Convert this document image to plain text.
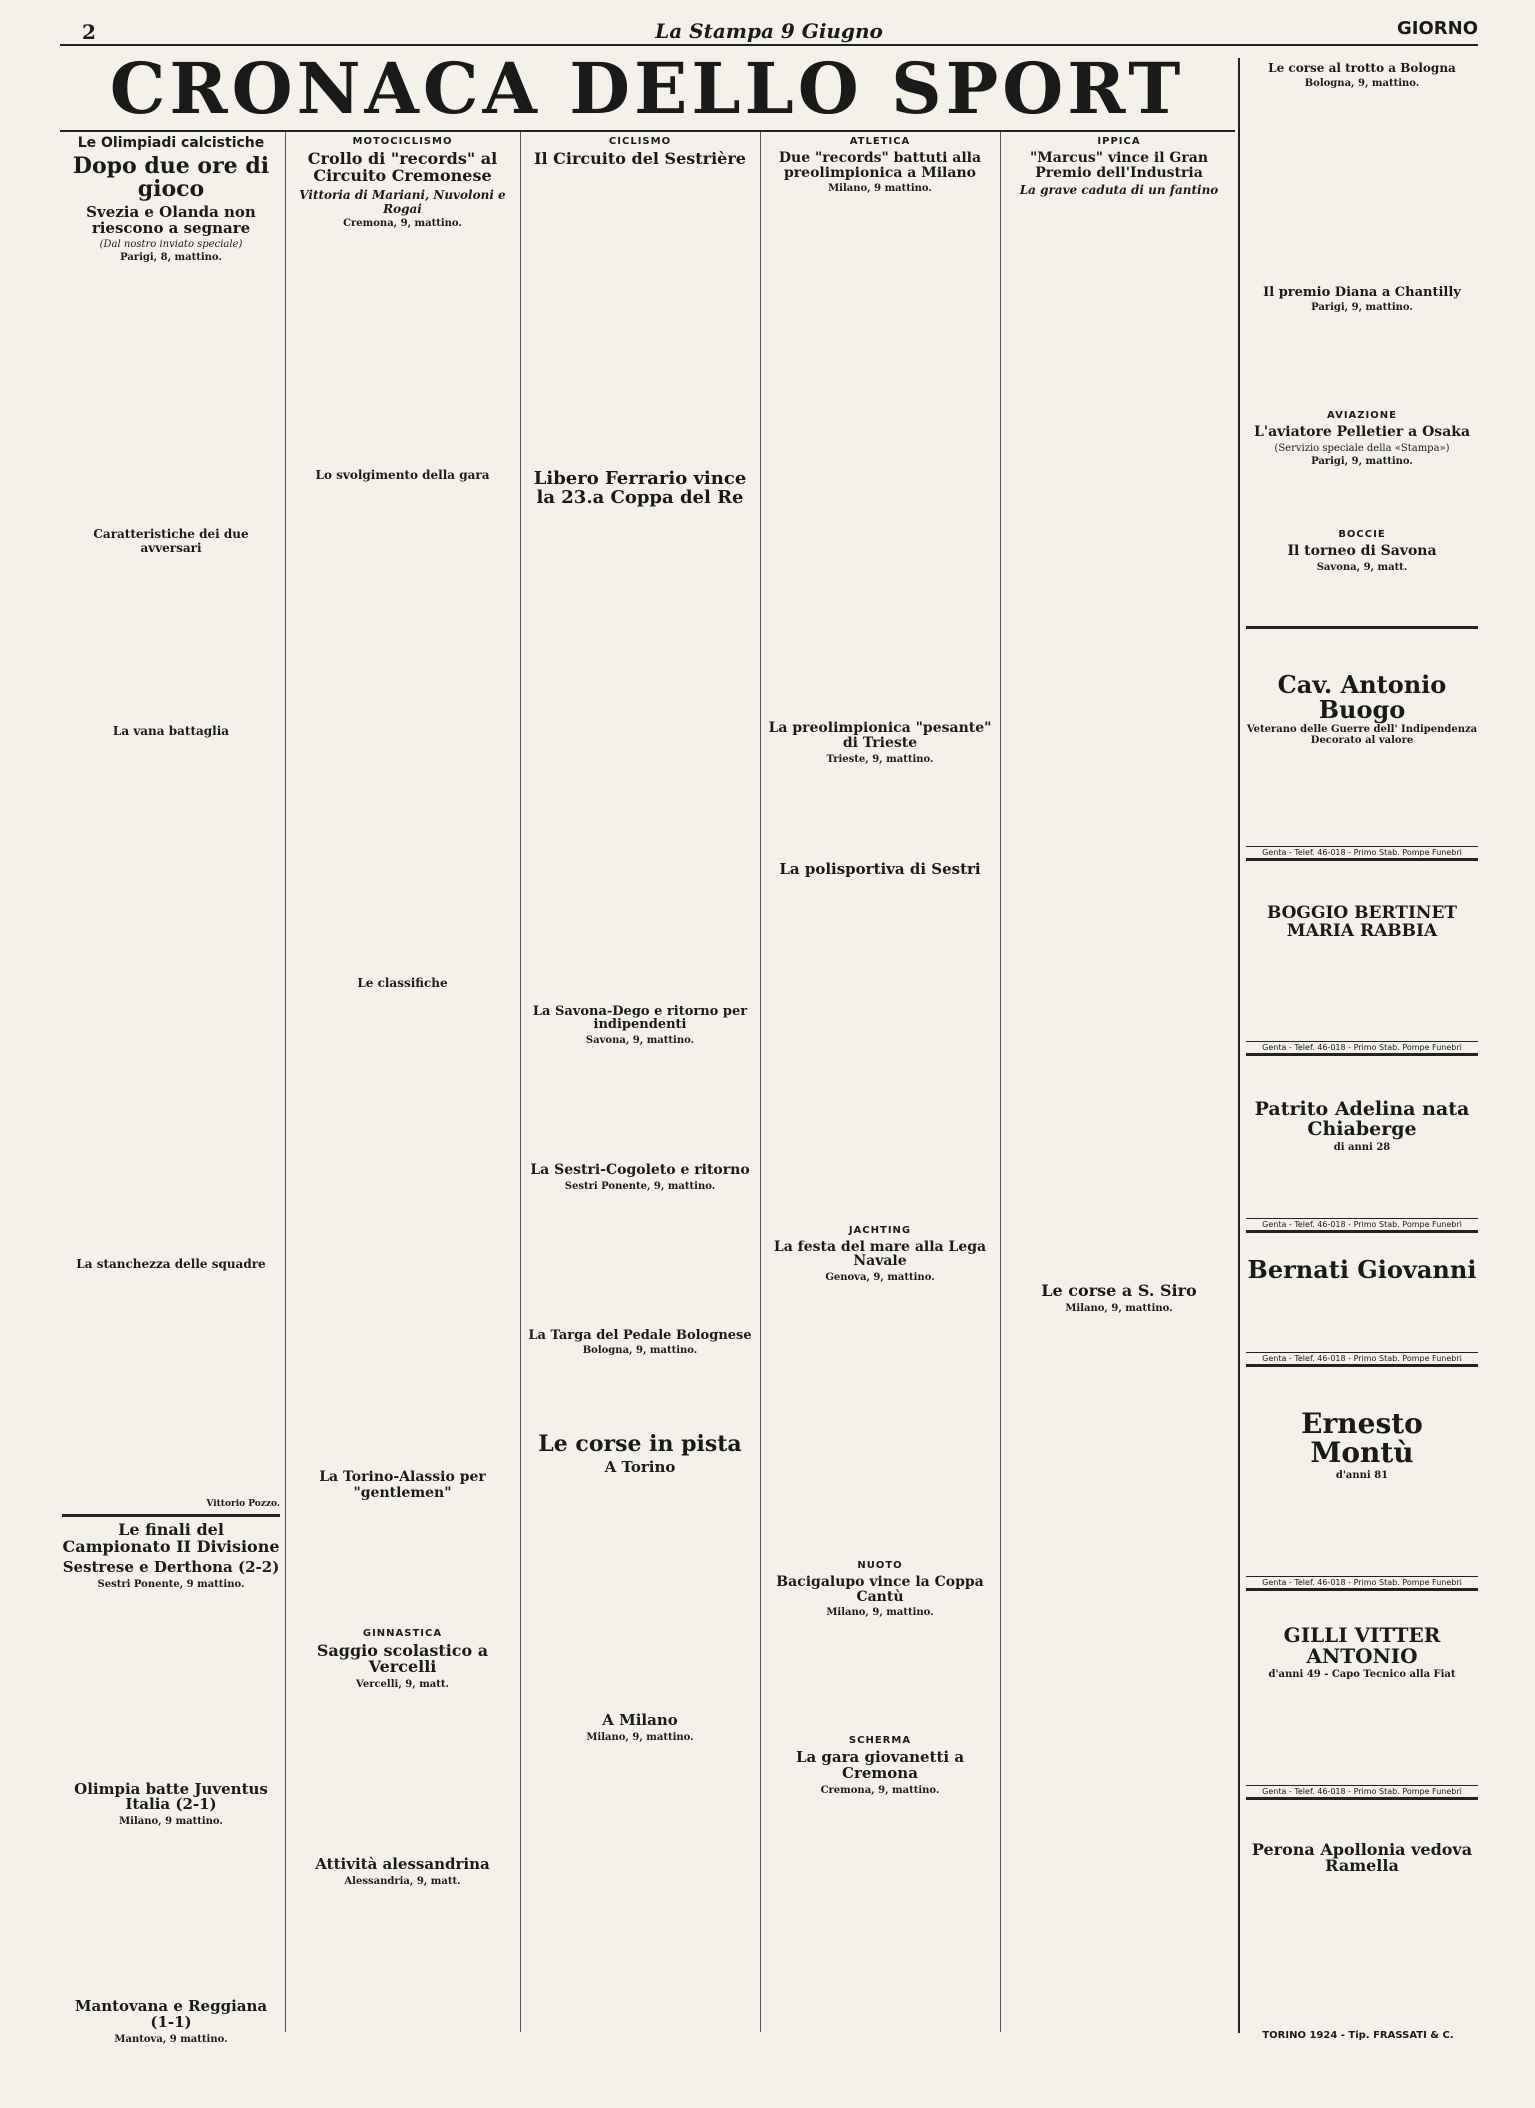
2	La Stampa 9 Giugno	GIORNO
CRONACA DELLO SPORT
Le Olimpiadi calcistiche
Dopo due ore di gioco
Svezia e Olanda non riescono a segnare
(Dal nostro inviato speciale)
Parigi, 8, mattino.
Caratteristiche dei due avversari
La vana battaglia
La stanchezza delle squadre
Vittorio Pozzo.
Le finali del Campionato II Divisione
Sestrese e Derthona (2-2)
Sestri Ponente, 9 mattino.
Olimpia batte Juventus Italia (2-1)
Milano, 9 mattino.
Mantovana e Reggiana (1-1)
Mantova, 9 mattino.
MOTOCICLISMO
Crollo di "records" al Circuito Cremonese
Vittoria di Mariani, Nuvoloni e Rogai
Cremona, 9, mattino.
Lo svolgimento della gara
Le classifiche
La Torino-Alassio per "gentlemen"
GINNASTICA
Saggio scolastico a Vercelli
Vercelli, 9, matt.
Attività alessandrina
Alessandria, 9, matt.
CICLISMO
Il Circuito del Sestrière
Libero Ferrario vince la 23.a Coppa del Re
La Savona-Dego e ritorno per indipendenti
Savona, 9, mattino.
La Sestri-Cogoleto e ritorno
Sestri Ponente, 9, mattino.
La Targa del Pedale Bolognese
Bologna, 9, mattino.
Le corse in pista
A Torino
A Milano
Milano, 9, mattino.
ATLETICA
Due "records" battuti alla preolimpionica a Milano
Milano, 9 mattino.
La preolimpionica "pesante" di Trieste
Trieste, 9, mattino.
La polisportiva di Sestri
JACHTING
La festa del mare alla Lega Navale
Genova, 9, mattino.
NUOTO
Bacigalupo vince la Coppa Cantù
Milano, 9, mattino.
SCHERMA
La gara giovanetti a Cremona
Cremona, 9, mattino.
IPPICA
"Marcus" vince il Gran Premio dell'Industria
La grave caduta di un fantino
Le corse a S. Siro
Milano, 9, mattino.
Le corse al trotto a Bologna
Bologna, 9, mattino.
Il premio Diana a Chantilly
Parigi, 9, mattino.
AVIAZIONE
L'aviatore Pelletier a Osaka
(Servizio speciale della «Stampa»)
Parigi, 9, mattino.
BOCCIE
Il torneo di Savona
Savona, 9, matt.
Cav. Antonio Buogo
Veterano delle Guerre dell' Indipendenza Decorato al valore
Genta - Telef. 46-018 - Primo Stab. Pompe Funebri
BOGGIO BERTINET MARIA RABBIA
Genta - Telef. 46-018 - Primo Stab. Pompe Funebri
Patrito Adelina nata Chiaberge
di anni 28
Genta - Telef. 46-018 - Primo Stab. Pompe Funebri
Bernati Giovanni
Genta - Telef. 46-018 - Primo Stab. Pompe Funebri
Ernesto Montù
d'anni 81
Genta - Telef. 46-018 - Primo Stab. Pompe Funebri
GILLI VITTER ANTONIO
d'anni 49 - Capo Tecnico alla Fiat
Genta - Telef. 46-018 - Primo Stab. Pompe Funebri
Perona Apollonia vedova Ramella
TORINO 1924 - Tip. FRASSATI & C.
